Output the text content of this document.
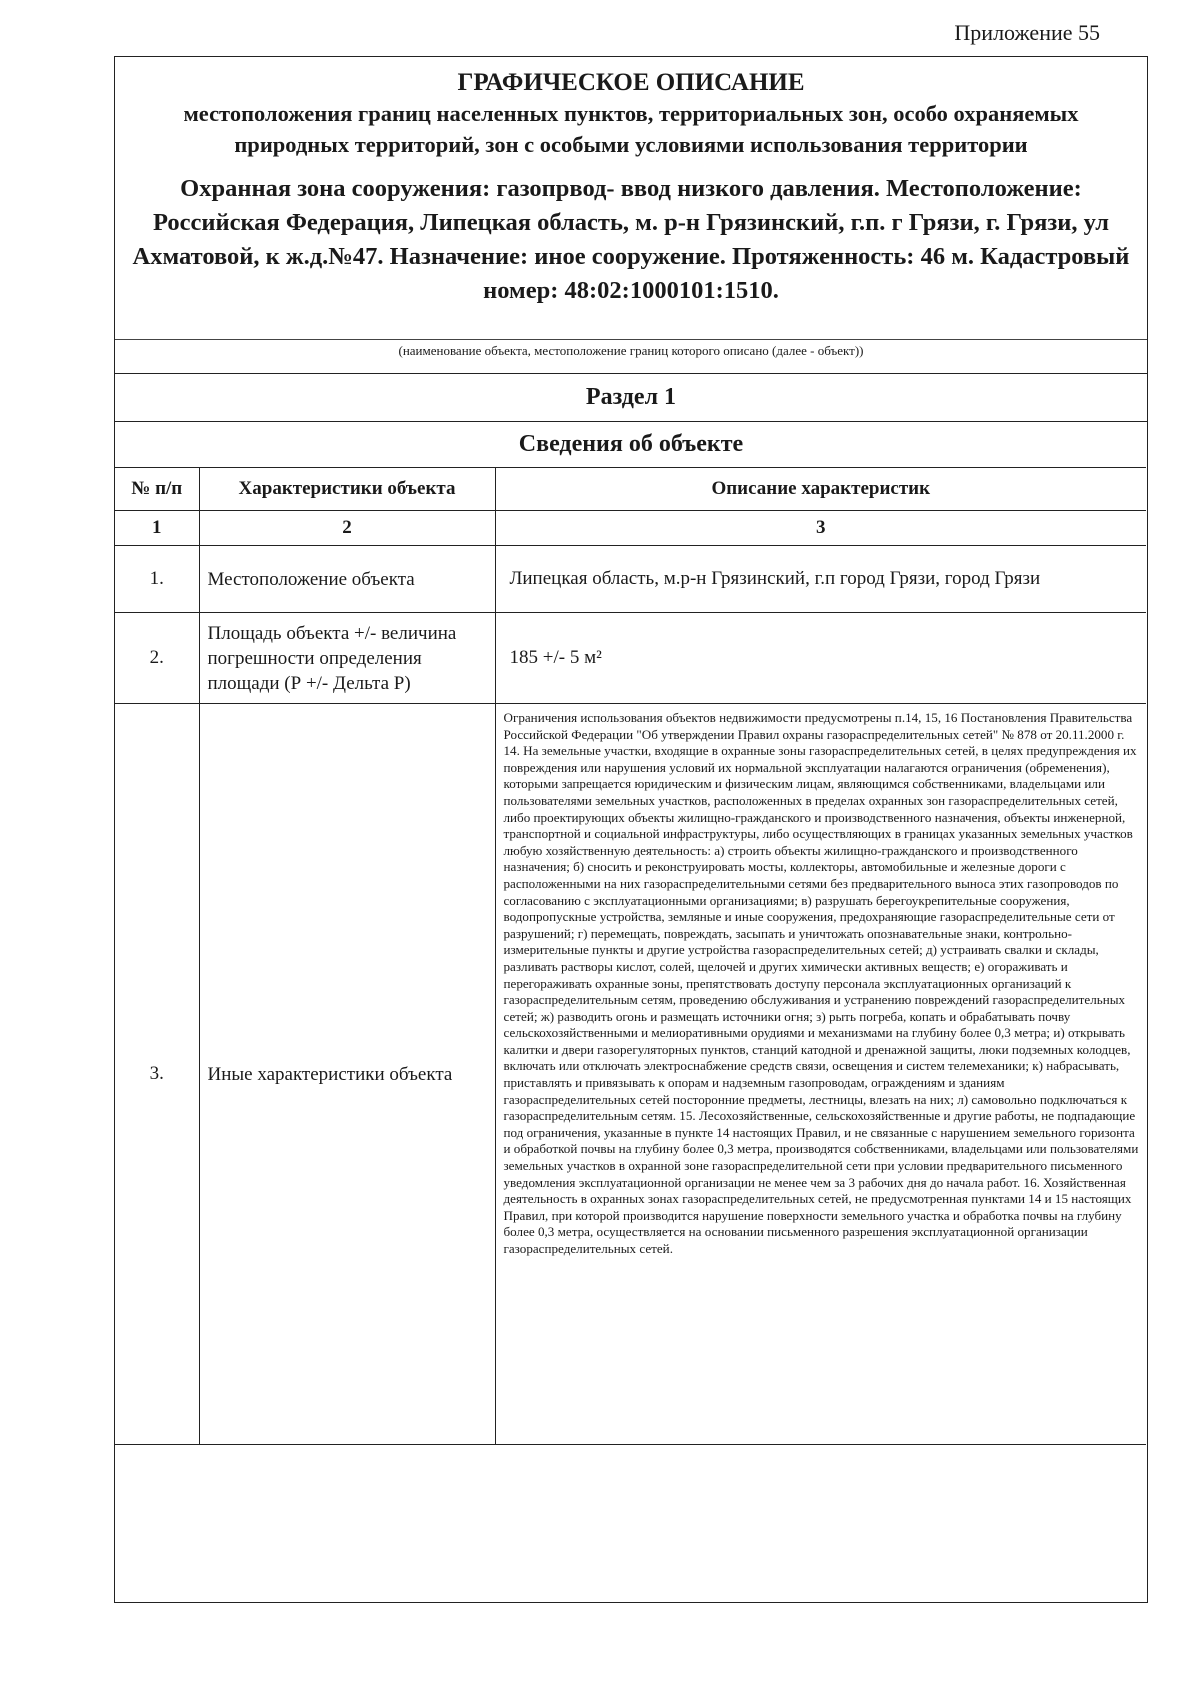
Приложение 55
ГРАФИЧЕСКОЕ ОПИСАНИЕ
местоположения границ населенных пунктов, территориальных зон, особо охраняемых природных территорий, зон с особыми условиями использования территории
Охранная зона сооружения: газопрвод- ввод низкого давления. Местоположение: Российская Федерация, Липецкая область, м. р-н Грязинский, г.п. г Грязи, г. Грязи, ул Ахматовой, к ж.д.№47. Назначение: иное сооружение. Протяженность: 46 м. Кадастровый номер: 48:02:1000101:1510.
(наименование объекта, местоположение границ которого описано (далее - объект))
Раздел 1
Сведения об объекте
№ п/п	Характеристики объекта	Описание характеристик
1	2	3
1.	Местоположение объекта	Липецкая область, м.р-н Грязинский, г.п город Грязи, город Грязи
2.	Площадь объекта +/- величина погрешности определения площади (Р +/- Дельта Р)	185 +/- 5 м²
3.	Иные характеристики объекта	Ограничения использования объектов недвижимости предусмотрены п.14, 15, 16 Постановления Правительства Российской Федерации "Об утверждении Правил охраны газораспределительных сетей" № 878 от 20.11.2000 г. 14. На земельные участки, входящие в охранные зоны газораспределительных сетей, в целях предупреждения их повреждения или нарушения условий их нормальной эксплуатации налагаются ограничения (обременения), которыми запрещается юридическим и физическим лицам, являющимся собственниками, владельцами или пользователями земельных участков, расположенных в пределах охранных зон газораспределительных сетей, либо проектирующих объекты жилищно-гражданского и производственного назначения, объекты инженерной, транспортной и социальной инфраструктуры, либо осуществляющих в границах указанных земельных участков любую хозяйственную деятельность: а) строить объекты жилищно-гражданского и производственного назначения; б) сносить и реконструировать мосты, коллекторы, автомобильные и железные дороги с расположенными на них газораспределительными сетями без предварительного выноса этих газопроводов по согласованию с эксплуатационными организациями; в) разрушать берегоукрепительные сооружения, водопропускные устройства, земляные и иные сооружения, предохраняющие газораспределительные сети от разрушений; г) перемещать, повреждать, засыпать и уничтожать опознавательные знаки, контрольно-измерительные пункты и другие устройства газораспределительных сетей; д) устраивать свалки и склады, разливать растворы кислот, солей, щелочей и других химически активных веществ; е) огораживать и перегораживать охранные зоны, препятствовать доступу персонала эксплуатационных организаций к газораспределительным сетям, проведению обслуживания и устранению повреждений газораспределительных сетей; ж) разводить огонь и размещать источники огня; з) рыть погреба, копать и обрабатывать почву сельскохозяйственными и мелиоративными орудиями и механизмами на глубину более 0,3 метра; и) открывать калитки и двери газорегуляторных пунктов, станций катодной и дренажной защиты, люки подземных колодцев, включать или отключать электроснабжение средств связи, освещения и систем телемеханики; к) набрасывать, приставлять и привязывать к опорам и надземным газопроводам, ограждениям и зданиям газораспределительных сетей посторонние предметы, лестницы, влезать на них; л) самовольно подключаться к газораспределительным сетям. 15. Лесохозяйственные, сельскохозяйственные и другие работы, не подпадающие под ограничения, указанные в пункте 14 настоящих Правил, и не связанные с нарушением земельного горизонта и обработкой почвы на глубину более 0,3 метра, производятся собственниками, владельцами или пользователями земельных участков в охранной зоне газораспределительной сети при условии предварительного письменного уведомления эксплуатационной организации не менее чем за 3 рабочих дня до начала работ. 16. Хозяйственная деятельность в охранных зонах газораспределительных сетей, не предусмотренная пунктами 14 и 15 настоящих Правил, при которой производится нарушение поверхности земельного участка и обработка почвы на глубину более 0,3 метра, осуществляется на основании письменного разрешения эксплуатационной организации газораспределительных сетей.
